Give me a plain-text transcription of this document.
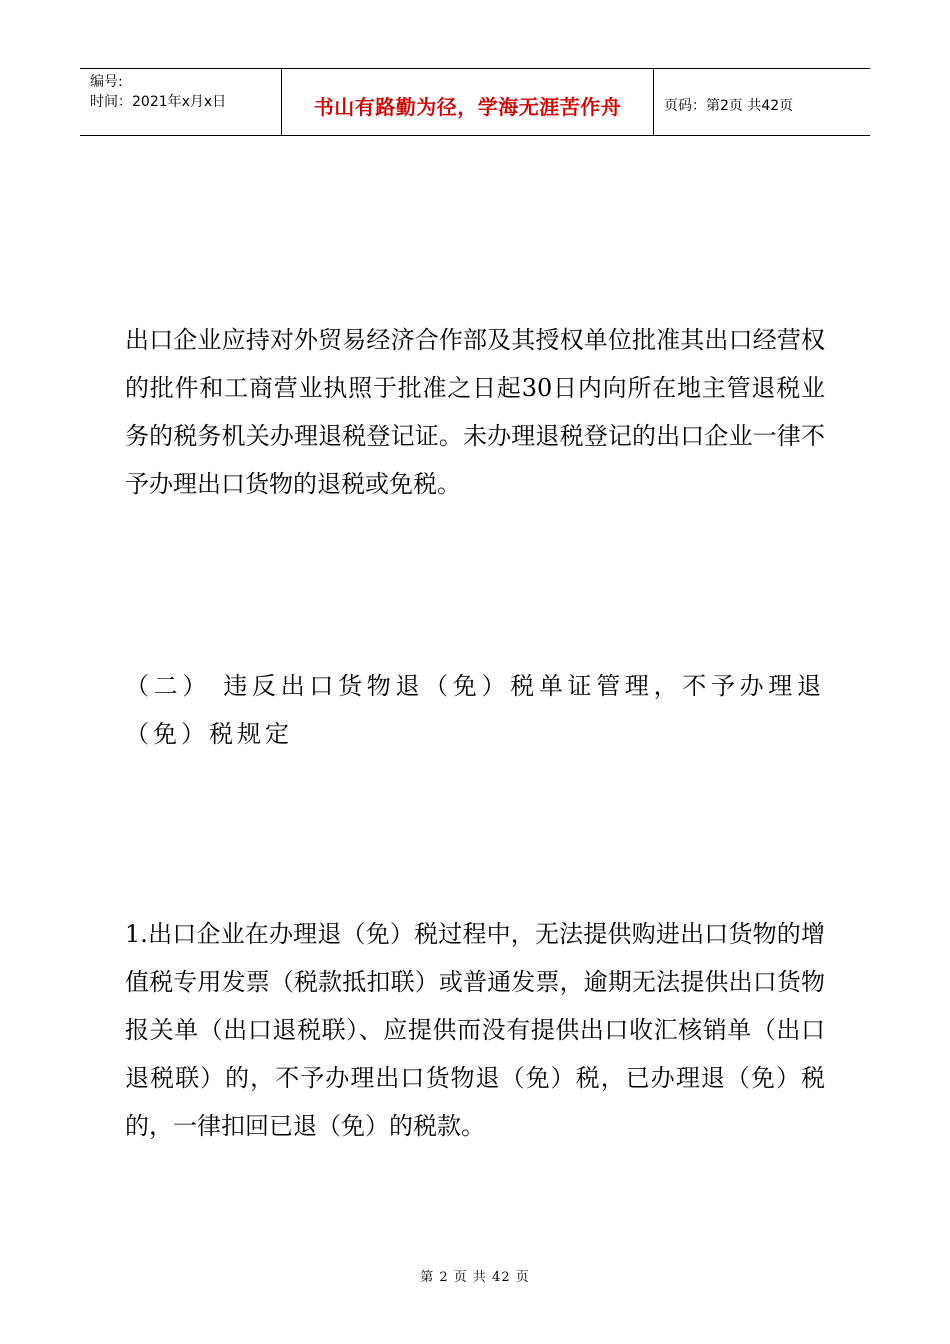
编号:
时间：2021年x月x日	书山有路勤为径，学海无涯苦作舟	页码：第2页 共42页

出口企业应持对外贸易经济合作部及其授权单位批准其出口经营权的批件和工商营业执照于批准之日起30日内向所在地主管退税业务的税务机关办理退税登记证。未办理退税登记的出口企业一律不予办理出口货物的退税或免税。

（二） 违反出口货物退（免）税单证管理，不予办理退（免）税规定

1.出口企业在办理退（免）税过程中，无法提供购进出口货物的增值税专用发票（税款抵扣联）或普通发票，逾期无法提供出口货物报关单（出口退税联）、应提供而没有提供出口收汇核销单（出口退税联）的，不予办理出口货物退（免）税，已办理退（免）税的，一律扣回已退（免）的税款。

第 2 页 共 42 页
